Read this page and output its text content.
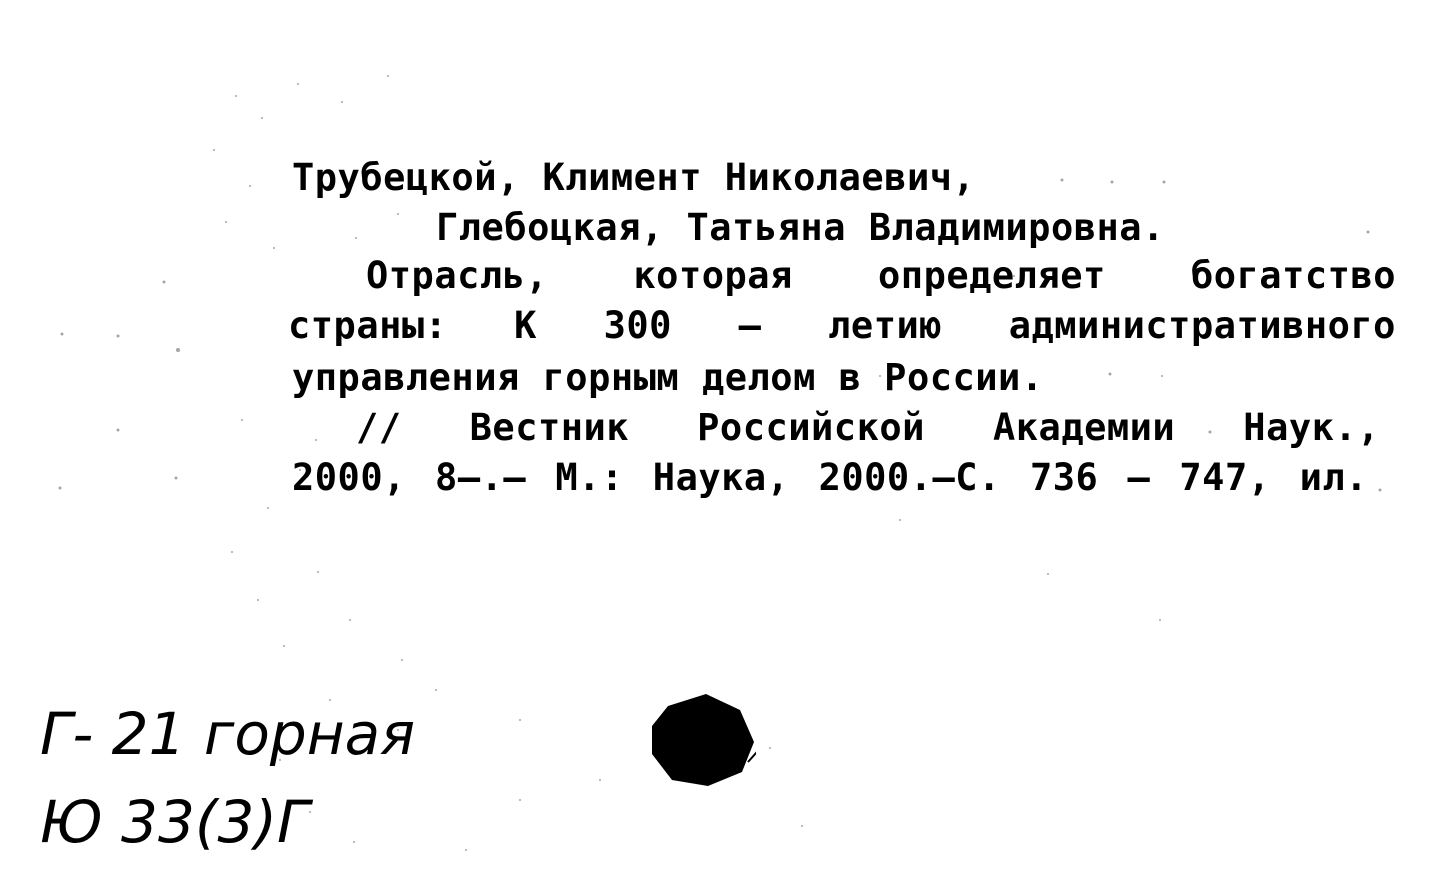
Трубецкой, Климент Николаевич,
Глебоцкая, Татьяна Владимировна.
Отрасль, которая определяет богатство
страны: К 300 – летию административного
управления горным делом в России.
// Вестник Российской Академии Наук.,
2000, 8–.– М.: Наука, 2000.–С. 736 – 747, ил.
Г- 21 горная
Ю 33(3)Г
